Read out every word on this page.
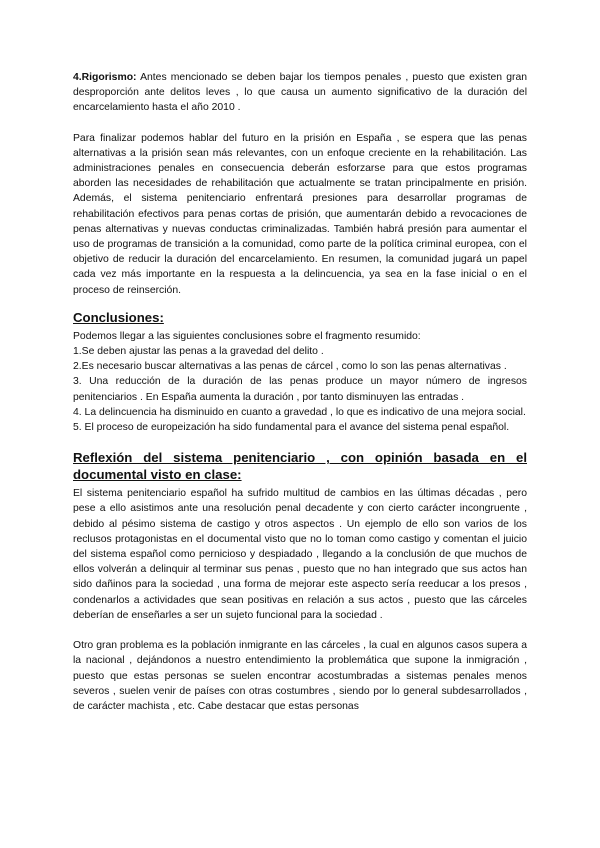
4.Rigorismo: Antes mencionado se deben bajar los tiempos penales , puesto que existen gran desproporción ante delitos leves , lo que causa un aumento significativo de la duración del encarcelamiento hasta el año 2010 .

Para finalizar podemos hablar del futuro en la prisión en España , se espera que las penas alternativas a la prisión sean más relevantes, con un enfoque creciente en la rehabilitación. Las administraciones penales en consecuencia deberán esforzarse para que estos programas aborden las necesidades de rehabilitación que actualmente se tratan principalmente en prisión. Además, el sistema penitenciario enfrentará presiones para desarrollar programas de rehabilitación efectivos para penas cortas de prisión, que aumentarán debido a revocaciones de penas alternativas y nuevas conductas criminalizadas. También habrá presión para aumentar el uso de programas de transición a la comunidad, como parte de la política criminal europea, con el objetivo de reducir la duración del encarcelamiento. En resumen, la comunidad jugará un papel cada vez más importante en la respuesta a la delincuencia, ya sea en la fase inicial o en el proceso de reinserción.

Conclusiones:

Podemos llegar a las siguientes conclusiones sobre el fragmento resumido:

1.Se deben ajustar las penas a la gravedad del delito .
2.Es necesario buscar alternativas a las penas de cárcel , como lo son las penas alternativas .
3. Una reducción de la duración de las penas produce un mayor número de ingresos penitenciarios . En España aumenta la duración , por tanto disminuyen las entradas .
4. La delincuencia ha disminuido en cuanto a gravedad , lo que es indicativo de una mejora social.
5. El proceso de europeización ha sido fundamental para el avance del sistema penal español.
Reflexión del sistema penitenciario , con opinión basada en el documental visto en clase:

El sistema penitenciario español ha sufrido multitud de cambios en las últimas décadas , pero pese a ello asistimos ante una resolución penal decadente y con cierto carácter incongruente , debido al pésimo sistema de castigo y otros aspectos . Un ejemplo de ello son varios de los reclusos protagonistas en el documental visto que no lo toman como castigo y comentan el juicio del sistema español como pernicioso y despiadado , llegando a la conclusión de que muchos de ellos volverán a delinquir al terminar sus penas , puesto que no han integrado que sus actos han sido dañinos para la sociedad , una forma de mejorar este aspecto sería reeducar a los presos , condenarlos a actividades que sean positivas en relación a sus actos , puesto que las cárceles deberían de enseñarles a ser un sujeto funcional para la sociedad .

Otro gran problema es la población inmigrante en las cárceles , la cual en algunos casos supera a la nacional , dejándonos a nuestro entendimiento la problemática que supone la inmigración , puesto que estas personas se suelen encontrar acostumbradas a sistemas penales menos severos , suelen venir de países con otras costumbres , siendo por lo general subdesarrollados , de carácter machista , etc. Cabe destacar que estas personas
